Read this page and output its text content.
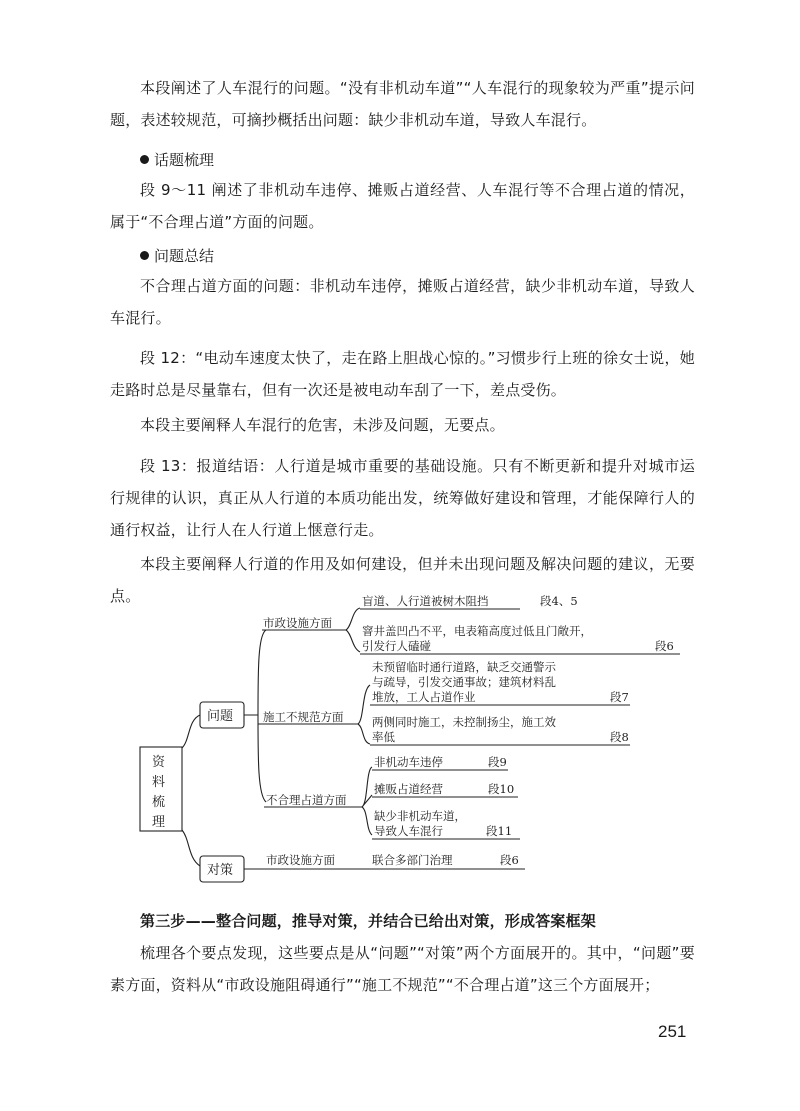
本段阐述了人车混行的问题。“没有非机动车道”“人车混行的现象较为严重”提示问题，表述较规范，可摘抄概括出问题：缺少非机动车道，导致人车混行。

话题梳理

段 9～11 阐述了非机动车违停、摊贩占道经营、人车混行等不合理占道的情况，属于“不合理占道”方面的问题。

问题总结

不合理占道方面的问题：非机动车违停，摊贩占道经营，缺少非机动车道，导致人车混行。

段 12：“电动车速度太快了，走在路上胆战心惊的。”习惯步行上班的徐女士说，她走路时总是尽量靠右，但有一次还是被电动车刮了一下，差点受伤。

本段主要阐释人车混行的危害，未涉及问题，无要点。

段 13：报道结语：人行道是城市重要的基础设施。只有不断更新和提升对城市运行规律的认识，真正从人行道的本质功能出发，统筹做好建设和管理，才能保障行人的通行权益，让行人在人行道上惬意行走。

本段主要阐释人行道的作用及如何建设，但并未出现问题及解决问题的建议，无要点。

资
料
梳
理
问题
对策
市政设施方面
施工不规范方面
不合理占道方面
盲道、人行道被树木阻挡	段4、5
窨井盖凹凸不平，电表箱高度过低且门敞开，
引发行人磕碰	段6
未预留临时通行道路，缺乏交通警示
与疏导，引发交通事故；建筑材料乱
堆放，工人占道作业	段7
两侧同时施工，未控制扬尘，施工效
率低	段8
非机动车违停	段9
摊贩占道经营	段10
缺少非机动车道，
导致人车混行	段11
市政设施方面	联合多部门治理	段6

第三步——整合问题，推导对策，并结合已给出对策，形成答案框架

梳理各个要点发现，这些要点是从“问题”“对策”两个方面展开的。其中，“问题”要素方面，资料从“市政设施阻碍通行”“施工不规范”“不合理占道”这三个方面展开；

251
